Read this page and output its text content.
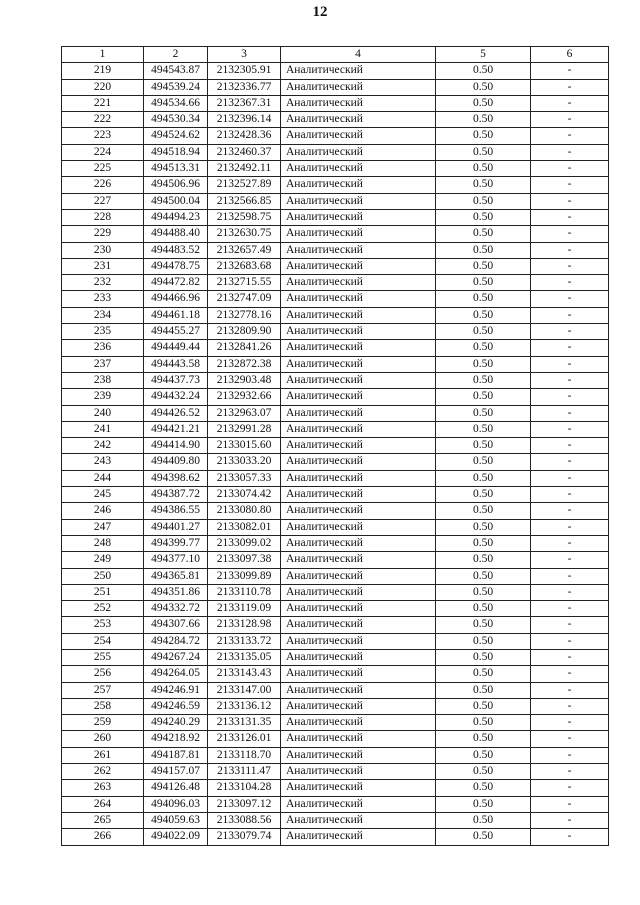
12
1	2	3	4	5	6
219	494543.87	2132305.91	Аналитический	0.50	-
220	494539.24	2132336.77	Аналитический	0.50	-
221	494534.66	2132367.31	Аналитический	0.50	-
222	494530.34	2132396.14	Аналитический	0.50	-
223	494524.62	2132428.36	Аналитический	0.50	-
224	494518.94	2132460.37	Аналитический	0.50	-
225	494513.31	2132492.11	Аналитический	0.50	-
226	494506.96	2132527.89	Аналитический	0.50	-
227	494500.04	2132566.85	Аналитический	0.50	-
228	494494.23	2132598.75	Аналитический	0.50	-
229	494488.40	2132630.75	Аналитический	0.50	-
230	494483.52	2132657.49	Аналитический	0.50	-
231	494478.75	2132683.68	Аналитический	0.50	-
232	494472.82	2132715.55	Аналитический	0.50	-
233	494466.96	2132747.09	Аналитический	0.50	-
234	494461.18	2132778.16	Аналитический	0.50	-
235	494455.27	2132809.90	Аналитический	0.50	-
236	494449.44	2132841.26	Аналитический	0.50	-
237	494443.58	2132872.38	Аналитический	0.50	-
238	494437.73	2132903.48	Аналитический	0.50	-
239	494432.24	2132932.66	Аналитический	0.50	-
240	494426.52	2132963.07	Аналитический	0.50	-
241	494421.21	2132991.28	Аналитический	0.50	-
242	494414.90	2133015.60	Аналитический	0.50	-
243	494409.80	2133033.20	Аналитический	0.50	-
244	494398.62	2133057.33	Аналитический	0.50	-
245	494387.72	2133074.42	Аналитический	0.50	-
246	494386.55	2133080.80	Аналитический	0.50	-
247	494401.27	2133082.01	Аналитический	0.50	-
248	494399.77	2133099.02	Аналитический	0.50	-
249	494377.10	2133097.38	Аналитический	0.50	-
250	494365.81	2133099.89	Аналитический	0.50	-
251	494351.86	2133110.78	Аналитический	0.50	-
252	494332.72	2133119.09	Аналитический	0.50	-
253	494307.66	2133128.98	Аналитический	0.50	-
254	494284.72	2133133.72	Аналитический	0.50	-
255	494267.24	2133135.05	Аналитический	0.50	-
256	494264.05	2133143.43	Аналитический	0.50	-
257	494246.91	2133147.00	Аналитический	0.50	-
258	494246.59	2133136.12	Аналитический	0.50	-
259	494240.29	2133131.35	Аналитический	0.50	-
260	494218.92	2133126.01	Аналитический	0.50	-
261	494187.81	2133118.70	Аналитический	0.50	-
262	494157.07	2133111.47	Аналитический	0.50	-
263	494126.48	2133104.28	Аналитический	0.50	-
264	494096.03	2133097.12	Аналитический	0.50	-
265	494059.63	2133088.56	Аналитический	0.50	-
266	494022.09	2133079.74	Аналитический	0.50	-
